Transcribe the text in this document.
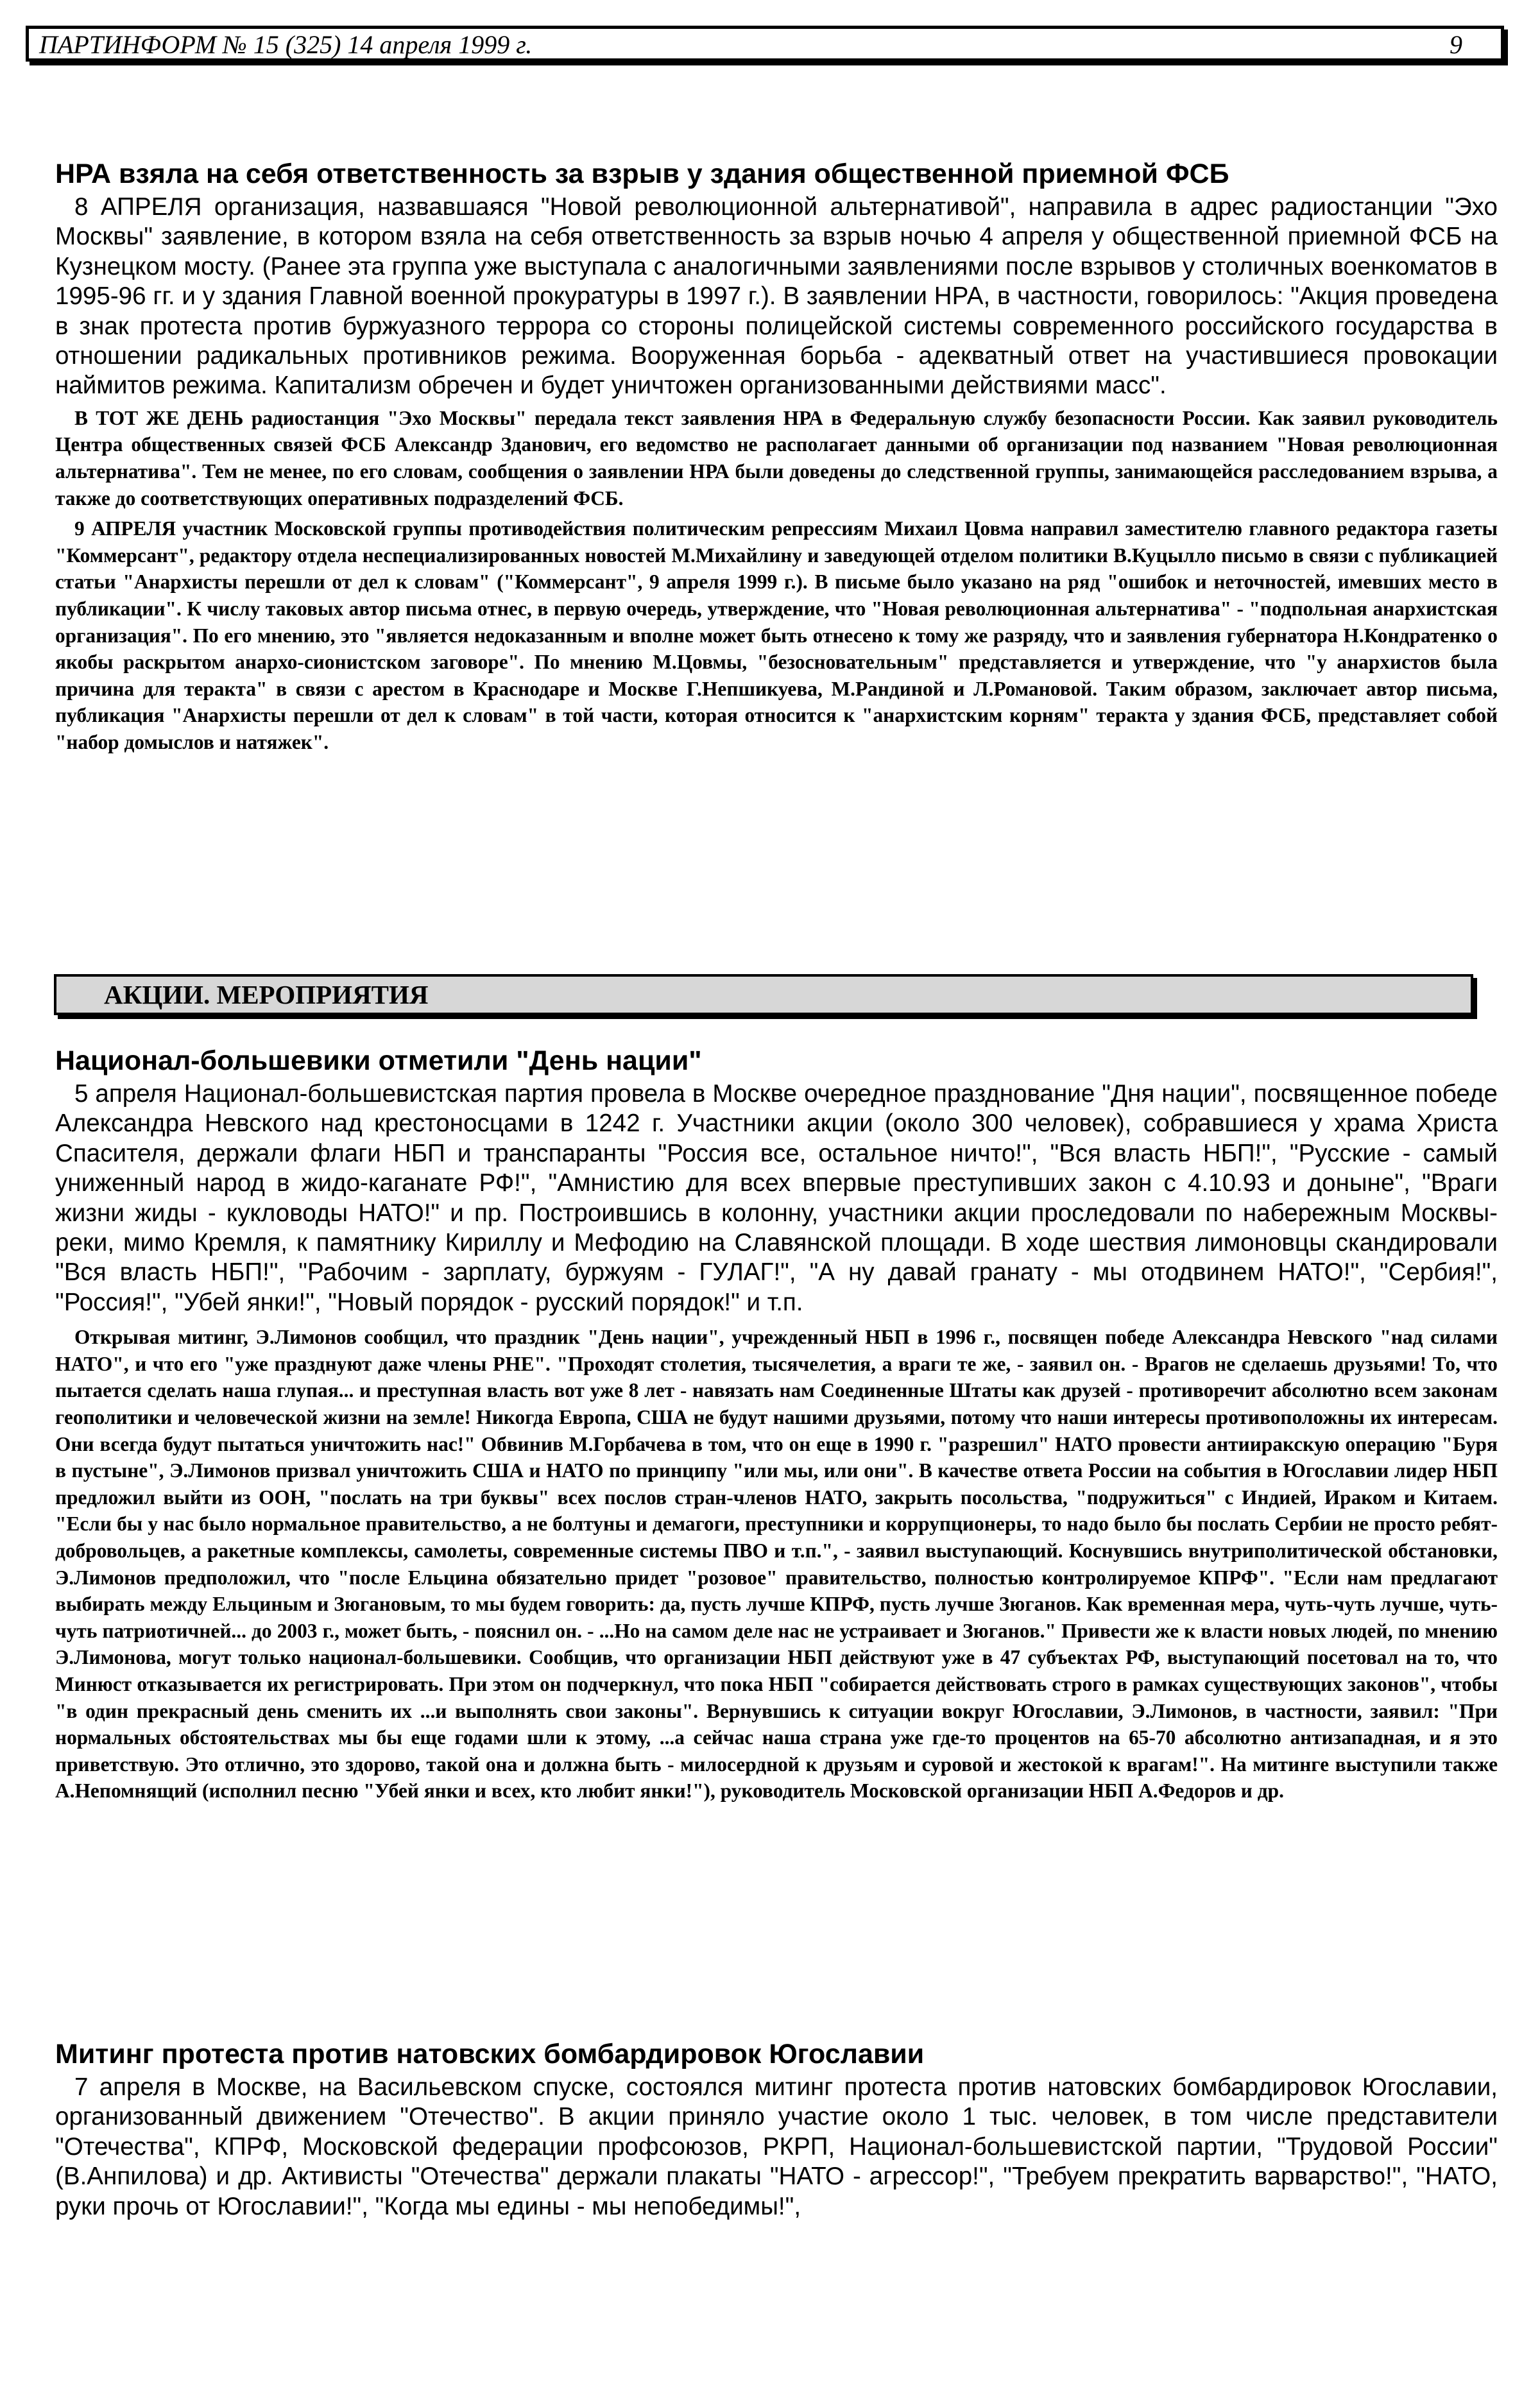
ПАРТИНФОРМ № 15 (325) 14 апреля 1999 г.	9
НРА взяла на себя ответственность за взрыв у здания общественной приемной ФСБ

8 АПРЕЛЯ организация, назвавшаяся "Новой революционной альтернативой", направила в адрес радиостанции "Эхо Москвы" заявление, в котором взяла на себя ответственность за взрыв ночью 4 апреля у общественной приемной ФСБ на Кузнецком мосту. (Ранее эта группа уже выступала с аналогичными заявлениями после взрывов у столичных военкоматов в 1995-96 гг. и у здания Главной военной прокуратуры в 1997 г.). В заявлении НРА, в частности, говорилось: "Акция проведена в знак протеста против буржуазного террора со стороны полицейской системы современного российского государства в отношении радикальных противников режима. Вооруженная борьба - адекватный ответ на участившиеся провокации наймитов режима. Капитализм обречен и будет уничтожен организованными действиями масс".

В ТОТ ЖЕ ДЕНЬ радиостанция "Эхо Москвы" передала текст заявления НРА в Федеральную службу безопасности России. Как заявил руководитель Центра общественных связей ФСБ Александр Зданович, его ведомство не располагает данными об организации под названием "Новая революционная альтернатива". Тем не менее, по его словам, сообщения о заявлении НРА были доведены до следственной группы, занимающейся расследованием взрыва, а также до соответствующих оперативных подразделений ФСБ.

9 АПРЕЛЯ участник Московской группы противодействия политическим репрессиям Михаил Цовма направил заместителю главного редактора газеты "Коммерсант", редактору отдела неспециализированных новостей М.Михайлину и заведующей отделом политики В.Куцылло письмо в связи с публикацией статьи "Анархисты перешли от дел к словам" ("Коммерсант", 9 апреля 1999 г.). В письме было указано на ряд "ошибок и неточностей, имевших место в публикации". К числу таковых автор письма отнес, в первую очередь, утверждение, что "Новая революционная альтернатива" - "подпольная анархистская организация". По его мнению, это "является недоказанным и вполне может быть отнесено к тому же разряду, что и заявления губернатора Н.Кондратенко о якобы раскрытом анархо-сионистском заговоре". По мнению М.Цовмы, "безосновательным" представляется и утверждение, что "у анархистов была причина для теракта" в связи с арестом в Краснодаре и Москве Г.Непшикуева, М.Рандиной и Л.Романовой. Таким образом, заключает автор письма, публикация "Анархисты перешли от дел к словам" в той части, которая относится к "анархистским корням" теракта у здания ФСБ, представляет собой "набор домыслов и натяжек".

АКЦИИ. МЕРОПРИЯТИЯ
Национал-большевики отметили "День нации"

5 апреля Национал-большевистская партия провела в Москве очередное празднование "Дня нации", посвященное победе Александра Невского над крестоносцами в 1242 г. Участники акции (около 300 человек), собравшиеся у храма Христа Спасителя, держали флаги НБП и транспаранты "Россия все, остальное ничто!", "Вся власть НБП!", "Русские - самый униженный народ в жидо-каганате РФ!", "Амнистию для всех впервые преступивших закон с 4.10.93 и доныне", "Враги жизни жиды - кукловоды НАТО!" и пр. Построившись в колонну, участники акции проследовали по набережным Москвы-реки, мимо Кремля, к памятнику Кириллу и Мефодию на Славянской площади. В ходе шествия лимоновцы скандировали "Вся власть НБП!", "Рабочим - зарплату, буржуям - ГУЛАГ!", "А ну давай гранату - мы отодвинем НАТО!", "Сербия!", "Россия!", "Убей янки!", "Новый порядок - русский порядок!" и т.п.

Открывая митинг, Э.Лимонов сообщил, что праздник "День нации", учрежденный НБП в 1996 г., посвящен победе Александра Невского "над силами НАТО", и что его "уже празднуют даже члены РНЕ". "Проходят столетия, тысячелетия, а враги те же, - заявил он. - Врагов не сделаешь друзьями! То, что пытается сделать наша глупая... и преступная власть вот уже 8 лет - навязать нам Соединенные Штаты как друзей - противоречит абсолютно всем законам геополитики и человеческой жизни на земле! Никогда Европа, США не будут нашими друзьями, потому что наши интересы противоположны их интересам. Они всегда будут пытаться уничтожить нас!" Обвинив М.Горбачева в том, что он еще в 1990 г. "разрешил" НАТО провести антииракскую операцию "Буря в пустыне", Э.Лимонов призвал уничтожить США и НАТО по принципу "или мы, или они". В качестве ответа России на события в Югославии лидер НБП предложил выйти из ООН, "послать на три буквы" всех послов стран-членов НАТО, закрыть посольства, "подружиться" с Индией, Ираком и Китаем. "Если бы у нас было нормальное правительство, а не болтуны и демагоги, преступники и коррупционеры, то надо было бы послать Сербии не просто ребят-добровольцев, а ракетные комплексы, самолеты, современные системы ПВО и т.п.", - заявил выступающий. Коснувшись внутриполитической обстановки, Э.Лимонов предположил, что "после Ельцина обязательно придет "розовое" правительство, полностью контролируемое КПРФ". "Если нам предлагают выбирать между Ельциным и Зюгановым, то мы будем говорить: да, пусть лучше КПРФ, пусть лучше Зюганов. Как временная мера, чуть-чуть лучше, чуть-чуть патриотичней... до 2003 г., может быть, - пояснил он. - ...Но на самом деле нас не устраивает и Зюганов." Привести же к власти новых людей, по мнению Э.Лимонова, могут только национал-большевики. Сообщив, что организации НБП действуют уже в 47 субъектах РФ, выступающий посетовал на то, что Минюст отказывается их регистрировать. При этом он подчеркнул, что пока НБП "собирается действовать строго в рамках существующих законов", чтобы "в один прекрасный день сменить их ...и выполнять свои законы". Вернувшись к ситуации вокруг Югославии, Э.Лимонов, в частности, заявил: "При нормальных обстоятельствах мы бы еще годами шли к этому, ...а сейчас наша страна уже где-то процентов на 65-70 абсолютно антизападная, и я это приветствую. Это отлично, это здорово, такой она и должна быть - милосердной к друзьям и суровой и жестокой к врагам!". На митинге выступили также А.Непомнящий (исполнил песню "Убей янки и всех, кто любит янки!"), руководитель Московской организации НБП А.Федоров и др.

Митинг протеста против натовских бомбардировок Югославии

7 апреля в Москве, на Васильевском спуске, состоялся митинг протеста против натовских бомбардировок Югославии, организованный движением "Отечество". В акции приняло участие около 1 тыс. человек, в том числе представители "Отечества", КПРФ, Московской федерации профсоюзов, РКРП, Национал-большевистской партии, "Трудовой России" (В.Анпилова) и др. Активисты "Отечества" держали плакаты "НАТО - агрессор!", "Требуем прекратить варварство!", "НАТО, руки прочь от Югославии!", "Когда мы едины - мы непобедимы!",
